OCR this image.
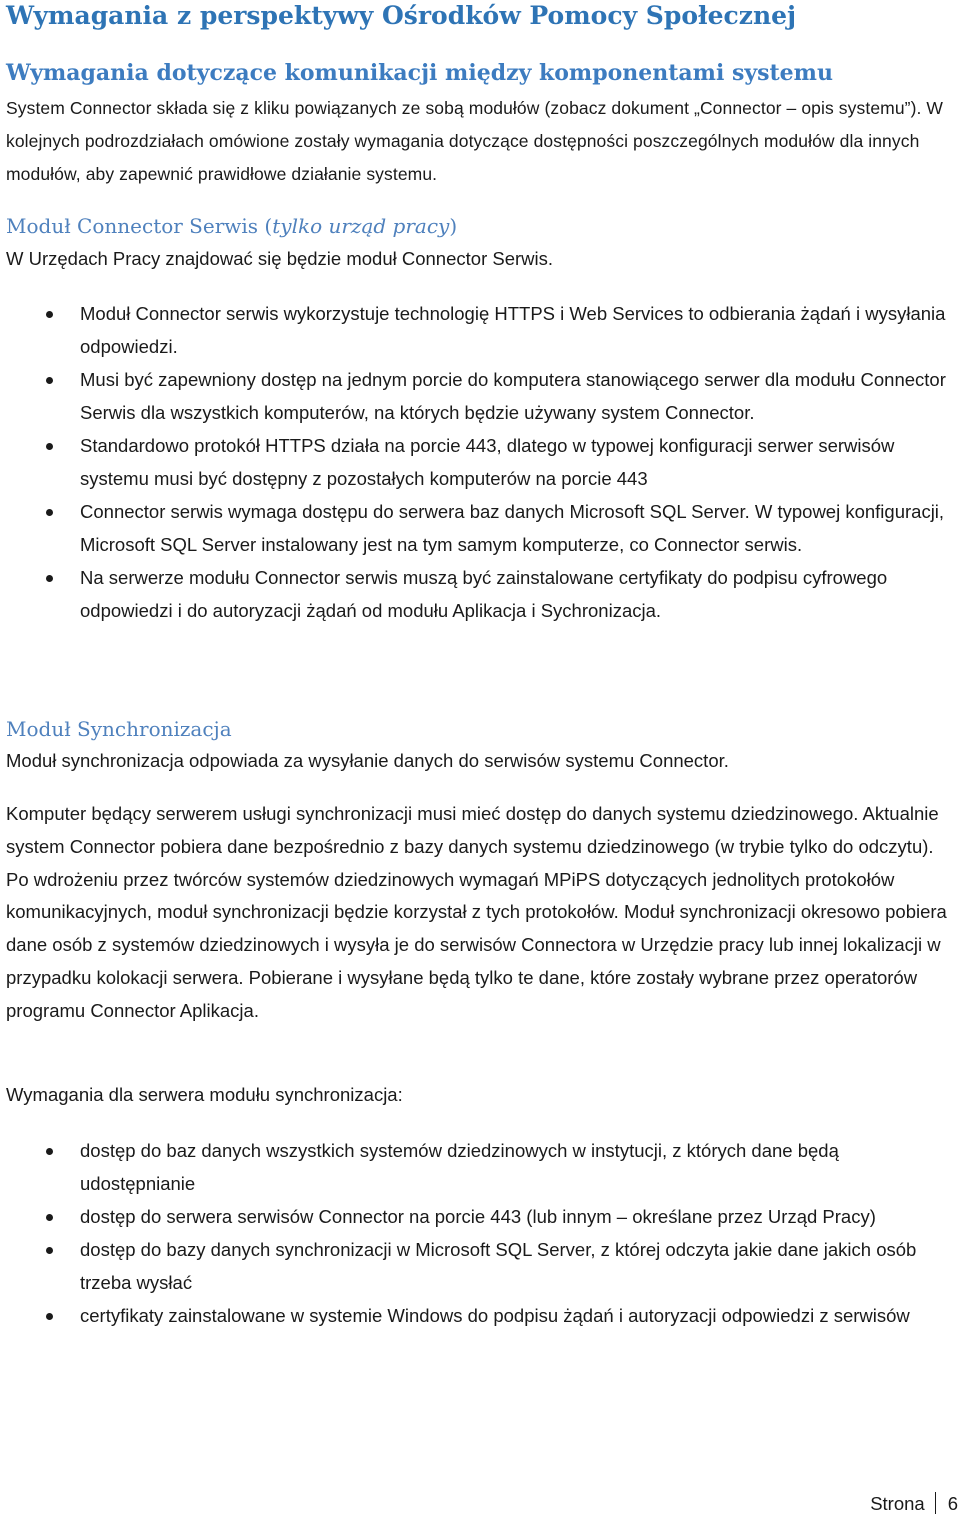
Wymagania z perspektywy Ośrodków Pomocy Społecznej
Wymagania dotyczące komunikacji między komponentami systemu

System Connector składa się z kliku powiązanych ze sobą modułów (zobacz dokument „Connector – opis systemu”). W kolejnych podrozdziałach omówione zostały wymagania dotyczące dostępności poszczególnych modułów dla innych modułów, aby zapewnić prawidłowe działanie systemu.

Moduł Connector Serwis (tylko urząd pracy)

W Urzędach Pracy znajdować się będzie moduł Connector Serwis.

Moduł Connector serwis wykorzystuje technologię HTTPS i Web Services to odbierania żądań i wysyłania odpowiedzi.
Musi być zapewniony dostęp na jednym porcie do komputera stanowiącego serwer dla modułu Connector Serwis dla wszystkich komputerów, na których będzie używany system Connector.
Standardowo protokół HTTPS działa na porcie 443, dlatego w typowej konfiguracji serwer serwisów systemu musi być dostępny z pozostałych komputerów na porcie 443
Connector serwis wymaga dostępu do serwera baz danych Microsoft SQL Server. W typowej konfiguracji, Microsoft SQL Server instalowany jest na tym samym komputerze, co Connector serwis.
Na serwerze modułu Connector serwis muszą być zainstalowane certyfikaty do podpisu cyfrowego odpowiedzi i do autoryzacji żądań od modułu Aplikacja i Sychronizacja.
Moduł Synchronizacja

Moduł synchronizacja odpowiada za wysyłanie danych do serwisów systemu Connector.

Komputer będący serwerem usługi synchronizacji musi mieć dostęp do danych systemu dziedzinowego. Aktualnie system Connector pobiera dane bezpośrednio z bazy danych systemu dziedzinowego (w trybie tylko do odczytu). Po wdrożeniu przez twórców systemów dziedzinowych wymagań MPiPS dotyczących jednolitych protokołów komunikacyjnych, moduł synchronizacji będzie korzystał z tych protokołów. Moduł synchronizacji okresowo pobiera dane osób z systemów dziedzinowych i wysyła je do serwisów Connectora w Urzędzie pracy lub innej lokalizacji w przypadku kolokacji serwera. Pobierane i wysyłane będą tylko te dane, które zostały wybrane przez operatorów programu Connector Aplikacja.

Wymagania dla serwera modułu synchronizacja:

dostęp do baz danych wszystkich systemów dziedzinowych w instytucji, z których dane będą udostępnianie
dostęp do serwera serwisów Connector na porcie 443 (lub innym – określane przez Urząd Pracy)
dostęp do bazy danych synchronizacji w Microsoft SQL Server, z której odczyta jakie dane jakich osób trzeba wysłać
certyfikaty zainstalowane w systemie Windows do podpisu żądań i autoryzacji odpowiedzi z serwisów
Strona 6
